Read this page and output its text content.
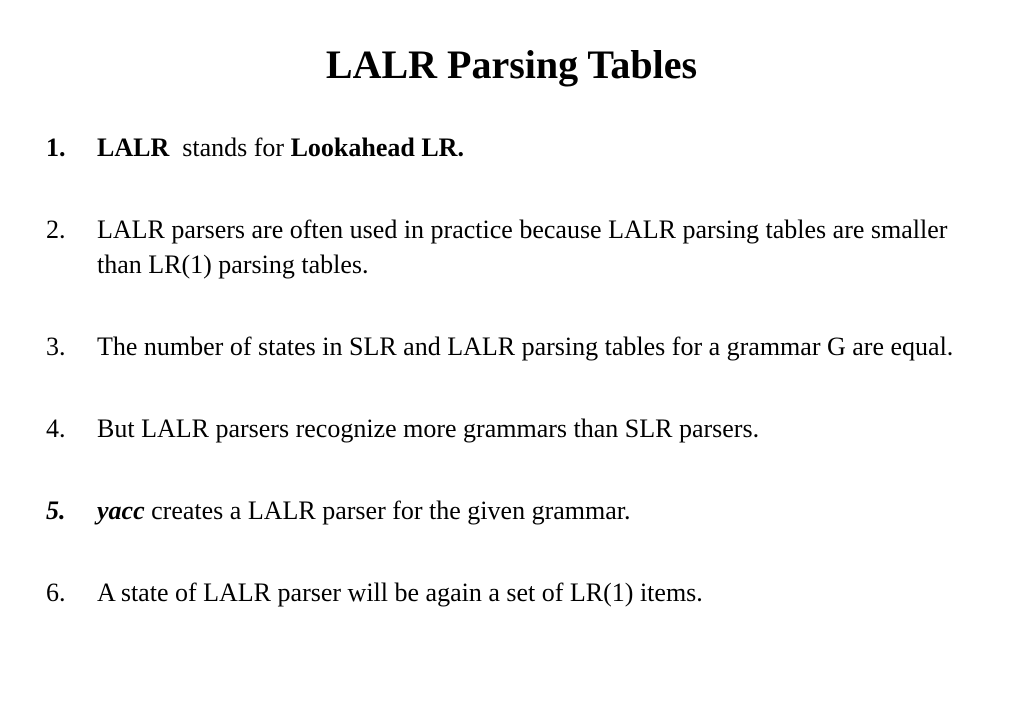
LALR Parsing Tables
1. LALR stands for Lookahead LR.
2. LALR parsers are often used in practice because LALR parsing tables are smaller than LR(1) parsing tables.
3. The number of states in SLR and LALR parsing tables for a grammar G are equal.
4. But LALR parsers recognize more grammars than SLR parsers.
5. yacc creates a LALR parser for the given grammar.
6. A state of LALR parser will be again a set of LR(1) items.
